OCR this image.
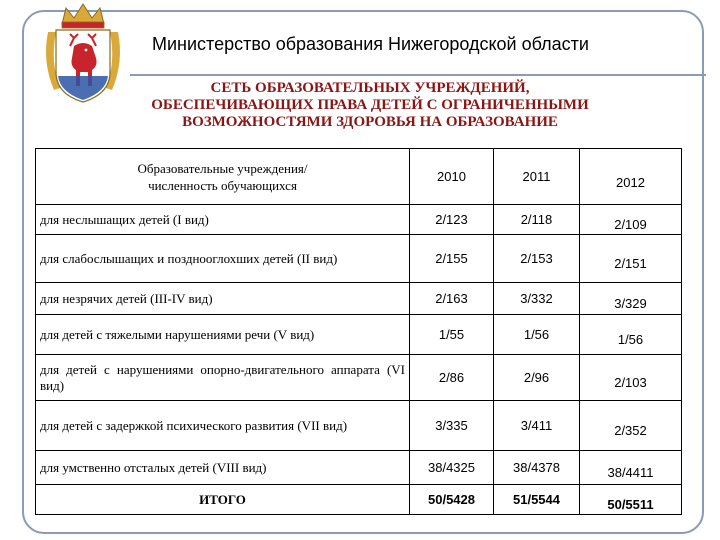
Министерство образования Нижегородской области
СЕТЬ ОБРАЗОВАТЕЛЬНЫХ УЧРЕЖДЕНИЙ,
ОБЕСПЕЧИВАЮЩИХ ПРАВА ДЕТЕЙ С ОГРАНИЧЕННЫМИ
ВОЗМОЖНОСТЯМИ ЗДОРОВЬЯ НА ОБРАЗОВАНИЕ
Образовательные учреждения/
численность обучающихся	2010	2011	2012
для неслышащих детей (I вид)	2/123	2/118	2/109
для слабослышащих и позднооглохших детей (II вид)	2/155	2/153	2/151
для незрячих детей (III-IV вид)	2/163	3/332	3/329
для детей с тяжелыми нарушениями речи (V вид)	1/55	1/56	1/56
для детей с нарушениями опорно-двигательного аппарата (VI вид)	2/86	2/96	2/103
для детей с задержкой психического развития (VII вид)	3/335	3/411	2/352
для умственно отсталых детей (VIII вид)	38/4325	38/4378	38/4411
ИТОГО	50/5428	51/5544	50/5511
